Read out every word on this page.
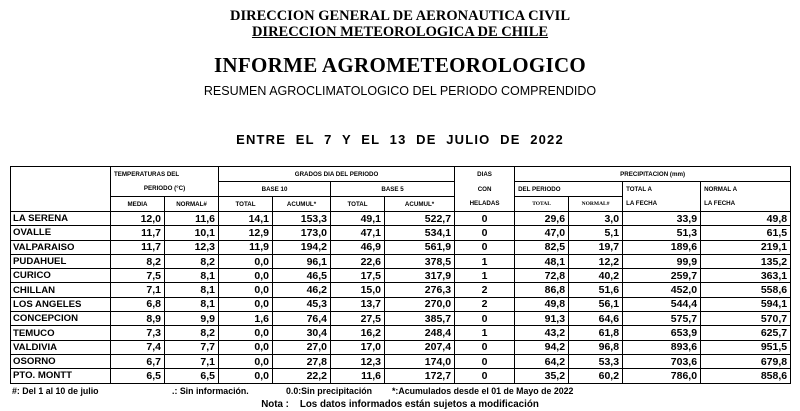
DIRECCION GENERAL DE AERONAUTICA CIVIL
DIRECCION METEOROLOGICA DE CHILE
INFORME AGROMETEOROLOGICO
RESUMEN AGROCLIMATOLOGICO DEL PERIODO COMPRENDIDO
ENTRE  EL  7  Y  EL  13  DE  JULIO  DE  2022
	TEMPERATURAS DEL		GRADOS DIA DEL PERIODO				DIAS	PRECIPITACION (mm)			
	PERIODO (°C)		BASE 10		BASE 5		CON	DEL PERIODO		TOTAL A	NORMAL A
	MEDIA	NORMAL#	TOTAL	ACUMUL*	TOTAL	ACUMUL*	HELADAS	TOTAL	NORMAL#	LA FECHA	LA FECHA
LA SERENA	12,0	11,6	14,1	153,3	49,1	522,7	0	29,6	3,0	33,9	49,8
OVALLE	11,7	10,1	12,9	173,0	47,1	534,1	0	47,0	5,1	51,3	61,5
VALPARAISO	11,7	12,3	11,9	194,2	46,9	561,9	0	82,5	19,7	189,6	219,1
PUDAHUEL	8,2	8,2	0,0	96,1	22,6	378,5	1	48,1	12,2	99,9	135,2
CURICO	7,5	8,1	0,0	46,5	17,5	317,9	1	72,8	40,2	259,7	363,1
CHILLAN	7,1	8,1	0,0	46,2	15,0	276,3	2	86,8	51,6	452,0	558,6
LOS ANGELES	6,8	8,1	0,0	45,3	13,7	270,0	2	49,8	56,1	544,4	594,1
CONCEPCION	8,9	9,9	1,6	76,4	27,5	385,7	0	91,3	64,6	575,7	570,7
TEMUCO	7,3	8,2	0,0	30,4	16,2	248,4	1	43,2	61,8	653,9	625,7
VALDIVIA	7,4	7,7	0,0	27,0	17,0	207,4	0	94,2	96,8	893,6	951,5
OSORNO	6,7	7,1	0,0	27,8	12,3	174,0	0	64,2	53,3	703,6	679,8
PTO. MONTT	6,5	6,5	0,0	22,2	11,6	172,7	0	35,2	60,2	786,0	858,6
#: Del 1 al 10 de julio	.: Sin información.	0.0:Sin precipitación *:Acumulados desde el 01 de Mayo de 2022
Nota :    Los datos informados están sujetos a modificación
